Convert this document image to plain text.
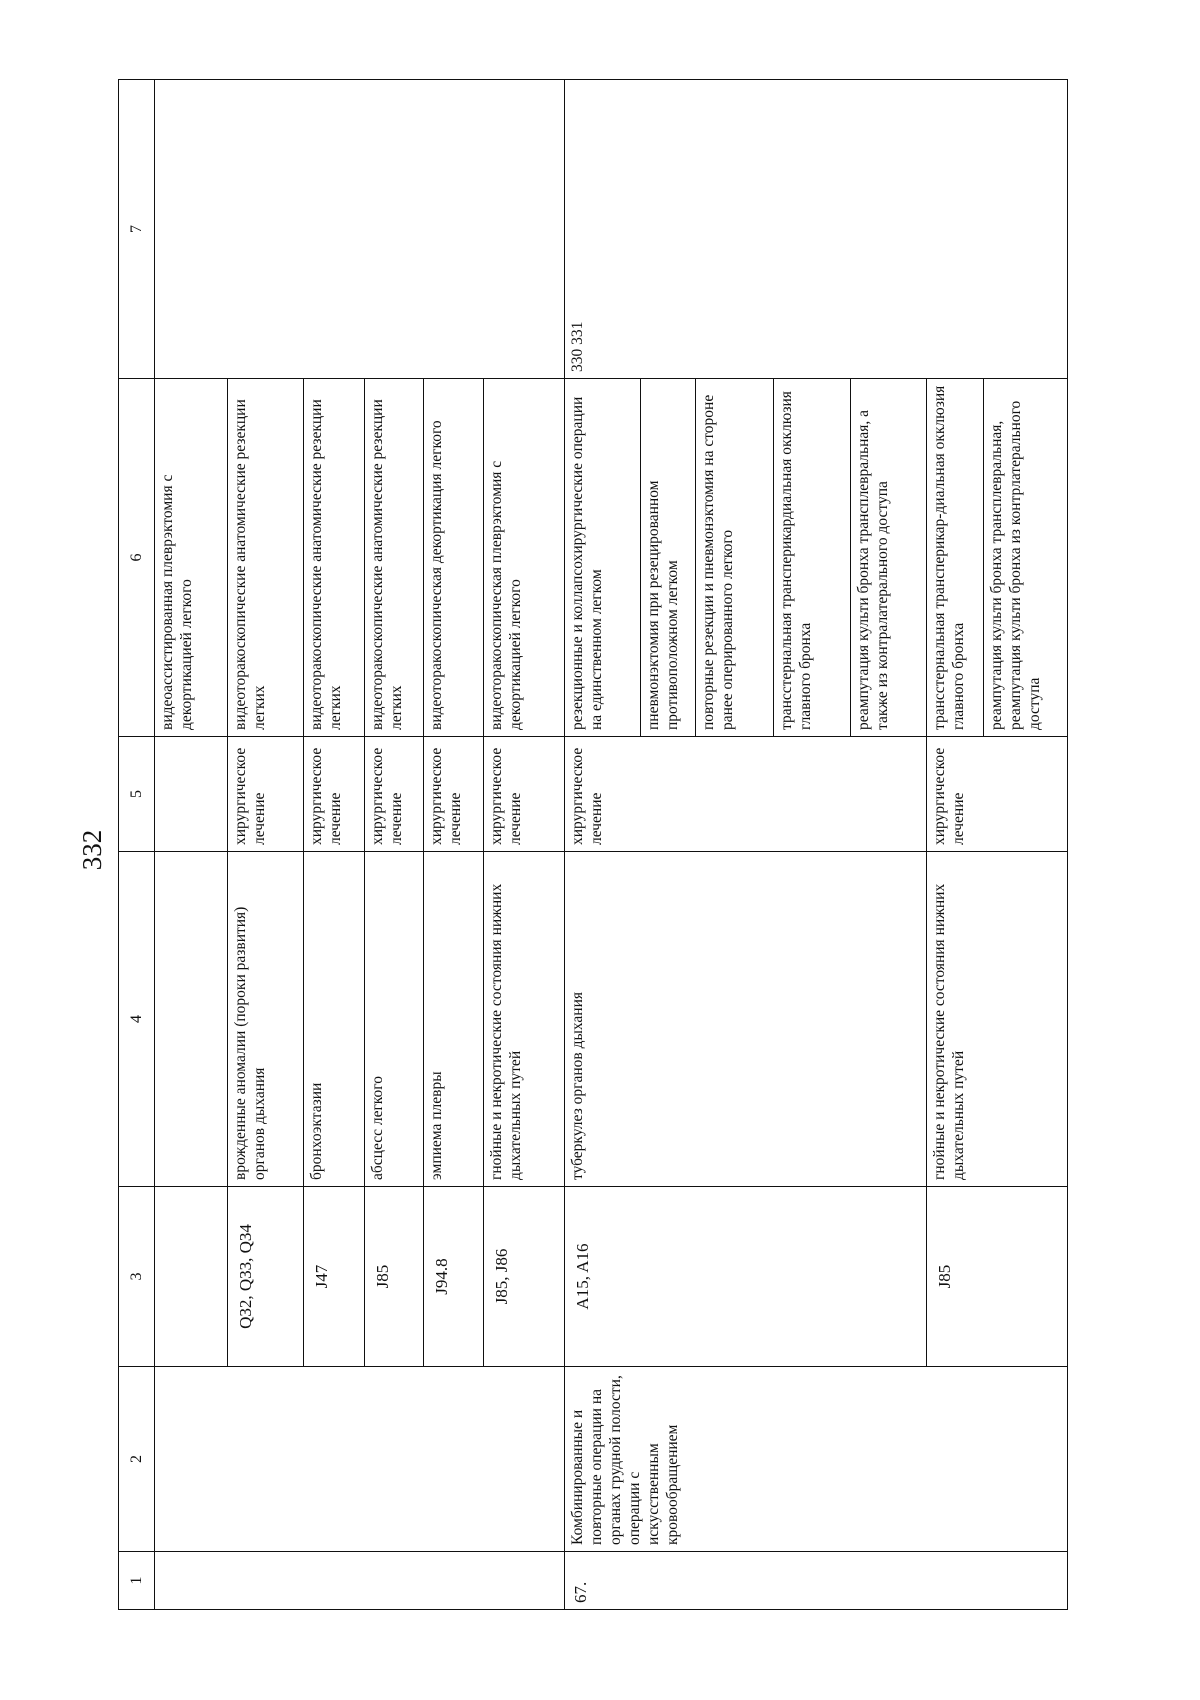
332
1	2	3	4	5	6	7
					видеоассистированная плеврэктомия с декортикацией легкого	
		Q32, Q33, Q34	врожденные аномалии (пороки развития) органов дыхания	хирургическое лечение	видеоторакоскопические анатомические резекции легких	
		J47	бронхоэктазии	хирургическое лечение	видеоторакоскопические анатомические резекции легких	
		J85	абсцесс легкого	хирургическое лечение	видеоторакоскопические анатомические резекции легких	
		J94.8	эмпиема плевры	хирургическое лечение	видеоторакоскопическая декортикация легкого	
		J85, J86	гнойные и некротические состояния нижних дыхательных путей	хирургическое лечение	видеоторакоскопическая плеврэктомия с декортикацией легкого	
67.	Комбинированные и повторные операции на органах грудной полости, операции с искусственным кровообращением	A15, A16	туберкулез органов дыхания	хирургическое лечение	резекционные и коллапсохирургические операции на единственном легком	330 331
					пневмонэктомия при резецированном противоположном легком	
					повторные резекции и пневмонэктомия на стороне ранее оперированного легкого	
					трансстернальная трансперикардиальная окклюзия главного бронха	
					реампутация культи бронха трансплевральная, а также из контралатерального доступа	
		J85	гнойные и некротические состояния нижних дыхательных путей	хирургическое лечение	трансстернальная трансперикар-диальная окклюзия главного бронха	
					реампутация культи бронха трансплевральная, реампутация культи бронха из контрлатерального доступа	
